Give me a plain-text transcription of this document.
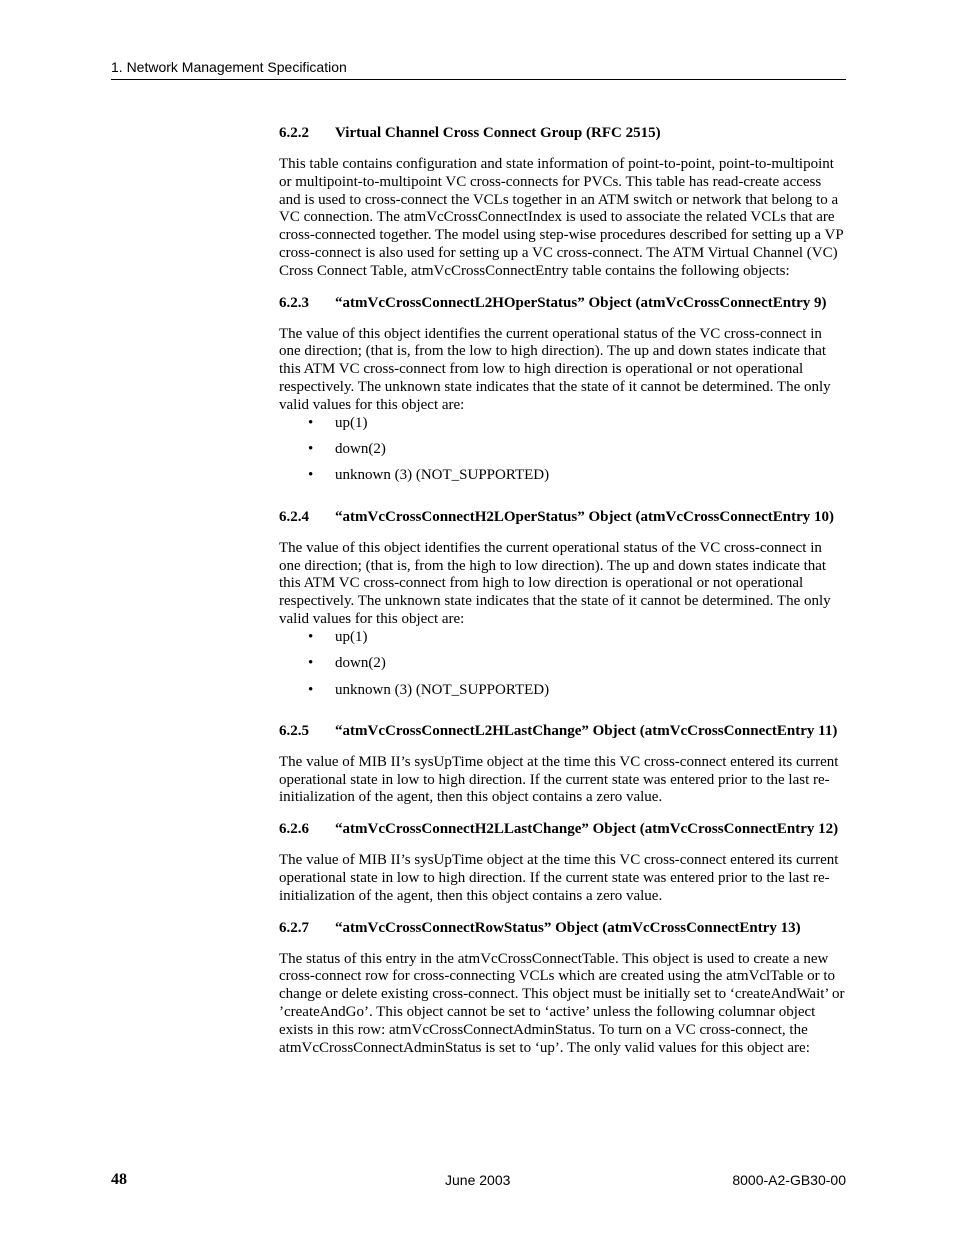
1. Network Management Specification
6.2.2	Virtual Channel Cross Connect Group (RFC 2515)

This table contains configuration and state information of point-to-point, point-to-multipoint or multipoint-to-multipoint VC cross-connects for PVCs. This table has read-create access and is used to cross-connect the VCLs together in an ATM switch or network that belong to a VC connection. The atmVcCrossConnectIndex is used to associate the related VCLs that are cross-connected together. The model using step-wise procedures described for setting up a VP cross-connect is also used for setting up a VC cross-connect. The ATM Virtual Channel (VC) Cross Connect Table, atmVcCrossConnectEntry table contains the following objects:

6.2.3	“atmVcCrossConnectL2HOperStatus” Object (atmVcCrossConnectEntry 9)

The value of this object identifies the current operational status of the VC cross-connect in one direction; (that is, from the low to high direction). The up and down states indicate that this ATM VC cross-connect from low to high direction is operational or not operational respectively. The unknown state indicates that the state of it cannot be determined. The only valid values for this object are:

• up(1)
• down(2)
• unknown (3) (NOT_SUPPORTED)
6.2.4	“atmVcCrossConnectH2LOperStatus” Object (atmVcCrossConnectEntry 10)

The value of this object identifies the current operational status of the VC cross-connect in one direction; (that is, from the high to low direction). The up and down states indicate that this ATM VC cross-connect from high to low direction is operational or not operational respectively. The unknown state indicates that the state of it cannot be determined. The only valid values for this object are:

• up(1)
• down(2)
• unknown (3) (NOT_SUPPORTED)
6.2.5	“atmVcCrossConnectL2HLastChange” Object (atmVcCrossConnectEntry 11)

The value of MIB II’s sysUpTime object at the time this VC cross-connect entered its current operational state in low to high direction. If the current state was entered prior to the last re-initialization of the agent, then this object contains a zero value.

6.2.6	“atmVcCrossConnectH2LLastChange” Object (atmVcCrossConnectEntry 12)

The value of MIB II’s sysUpTime object at the time this VC cross-connect entered its current operational state in low to high direction. If the current state was entered prior to the last re-initialization of the agent, then this object contains a zero value.

6.2.7	“atmVcCrossConnectRowStatus” Object (atmVcCrossConnectEntry 13)

The status of this entry in the atmVcCrossConnectTable. This object is used to create a new cross-connect row for cross-connecting VCLs which are created using the atmVclTable or to change or delete existing cross-connect. This object must be initially set to ‘createAndWait’ or ’createAndGo’. This object cannot be set to ‘active’ unless the following columnar object exists in this row: atmVcCrossConnectAdminStatus. To turn on a VC cross-connect, the atmVcCrossConnectAdminStatus is set to ‘up’. The only valid values for this object are:

48	June 2003	8000-A2-GB30-00
